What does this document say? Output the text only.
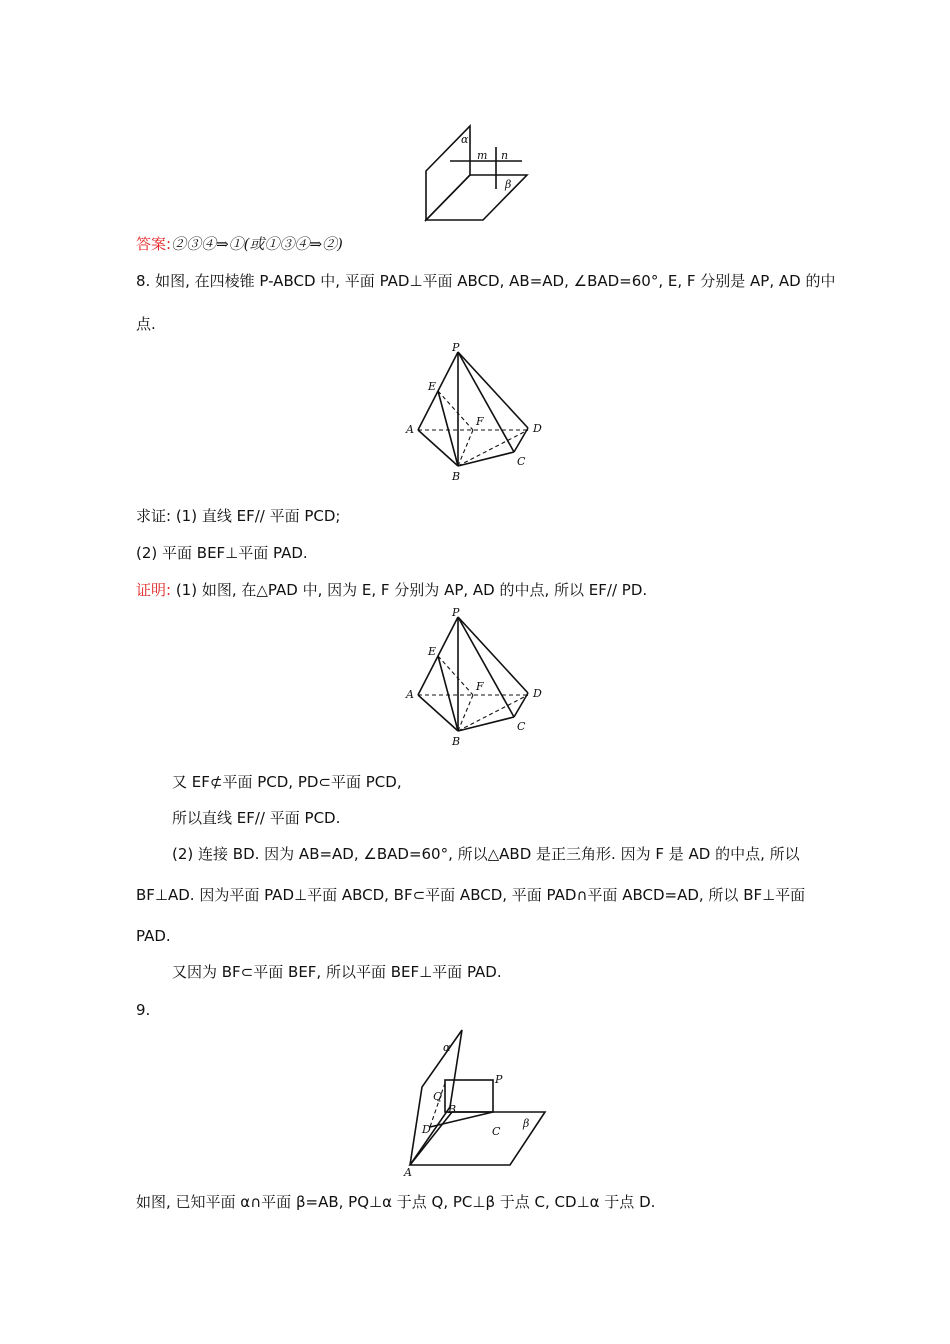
α
m n
β
答案:②③④⇒①(或①③④⇒②)
8. 如图, 在四棱锥 P-ABCD 中, 平面 PAD⊥平面 ABCD, AB=AD, ∠BAD=60°, E, F 分别是 AP, AD 的中
点.
P
E
A
F
D
B
C
求证: (1) 直线 EF// 平面 PCD;
(2) 平面 BEF⊥平面 PAD.
证明: (1) 如图, 在△PAD 中, 因为 E, F 分别为 AP, AD 的中点, 所以 EF// PD.
P
E
A
F
D
B
C
又 EF⊄平面 PCD, PD⊂平面 PCD,
所以直线 EF// 平面 PCD.
(2) 连接 BD. 因为 AB=AD, ∠BAD=60°, 所以△ABD 是正三角形. 因为 F 是 AD 的中点, 所以
BF⊥AD. 因为平面 PAD⊥平面 ABCD, BF⊂平面 ABCD, 平面 PAD∩平面 ABCD=AD, 所以 BF⊥平面
PAD.
又因为 BF⊂平面 BEF, 所以平面 BEF⊥平面 PAD.
9.
α
P
Q
B
D	C
β
A
如图, 已知平面 α∩平面 β=AB, PQ⊥α 于点 Q, PC⊥β 于点 C, CD⊥α 于点 D.
